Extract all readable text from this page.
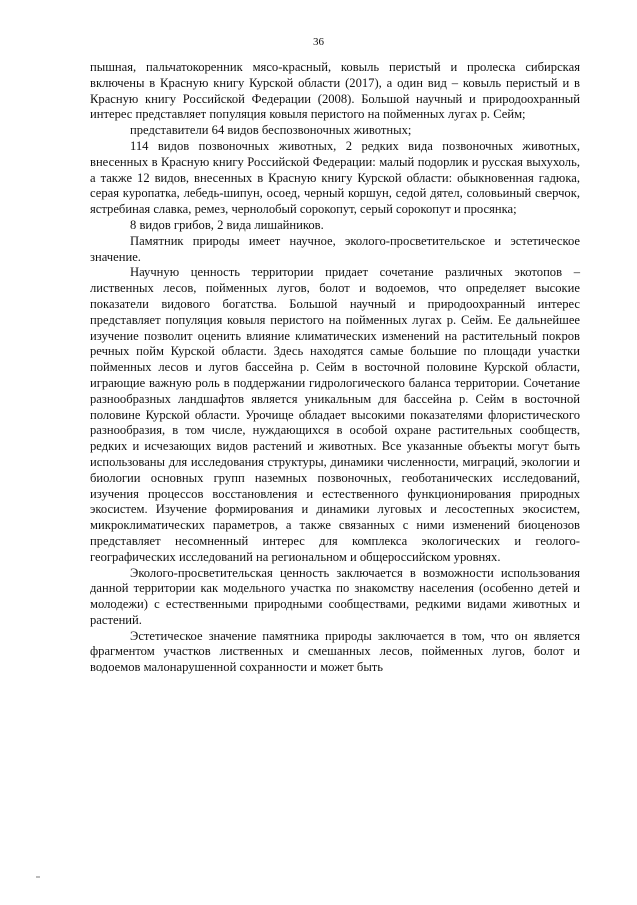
36

пышная, пальчатокоренник мясо-красный, ковыль перистый и пролеска сибирская включены в Красную книгу Курской области (2017), а один вид – ковыль перистый и в Красную книгу Российской Федерации (2008). Большой научный и природоохранный интерес представляет популяция ковыля перистого на пойменных лугах р. Сейм;

представители 64 видов беспозвоночных животных;

114 видов позвоночных животных, 2 редких вида позвоночных животных, внесенных в Красную книгу Российской Федерации: малый подорлик и русская выхухоль, а также 12 видов, внесенных в Красную книгу Курской области: обыкновенная гадюка, серая куропатка, лебедь-шипун, осоед, черный коршун, седой дятел, соловьиный сверчок, ястребиная славка, ремез, чернолобый сорокопут, серый сорокопут и просянка;

8 видов грибов, 2 вида лишайников.

Памятник природы имеет научное, эколого-просветительское и эстетическое значение.

Научную ценность территории придает сочетание различных экотопов – лиственных лесов, пойменных лугов, болот и водоемов, что определяет высокие показатели видового богатства. Большой научный и природоохранный интерес представляет популяция ковыля перистого на пойменных лугах р. Сейм. Ее дальнейшее изучение позволит оценить влияние климатических изменений на растительный покров речных пойм Курской области. Здесь находятся самые большие по площади участки пойменных лесов и лугов бассейна р. Сейм в восточной половине Курской области, играющие важную роль в поддержании гидрологического баланса территории. Сочетание разнообразных ландшафтов является уникальным для бассейна р. Сейм в восточной половине Курской области. Урочище обладает высокими показателями флористического разнообразия, в том числе, нуждающихся в особой охране растительных сообществ, редких и исчезающих видов растений и животных. Все указанные объекты могут быть использованы для исследования структуры, динамики численности, миграций, экологии и биологии основных групп наземных позвоночных, геоботанических исследований, изучения процессов восстановления и естественного функционирования природных экосистем. Изучение формирования и динамики луговых и лесостепных экосистем, микроклиматических параметров, а также связанных с ними изменений биоценозов представляет несомненный интерес для комплекса экологических и геолого-географических исследований на региональном и общероссийском уровнях.

Эколого-просветительская ценность заключается в возможности использования данной территории как модельного участка по знакомству населения (особенно детей и молодежи) с естественными природными сообществами, редкими видами животных и растений.

Эстетическое значение памятника природы заключается в том, что он является фрагментом участков лиственных и смешанных лесов, пойменных лугов, болот и водоемов малонарушенной сохранности и может быть
